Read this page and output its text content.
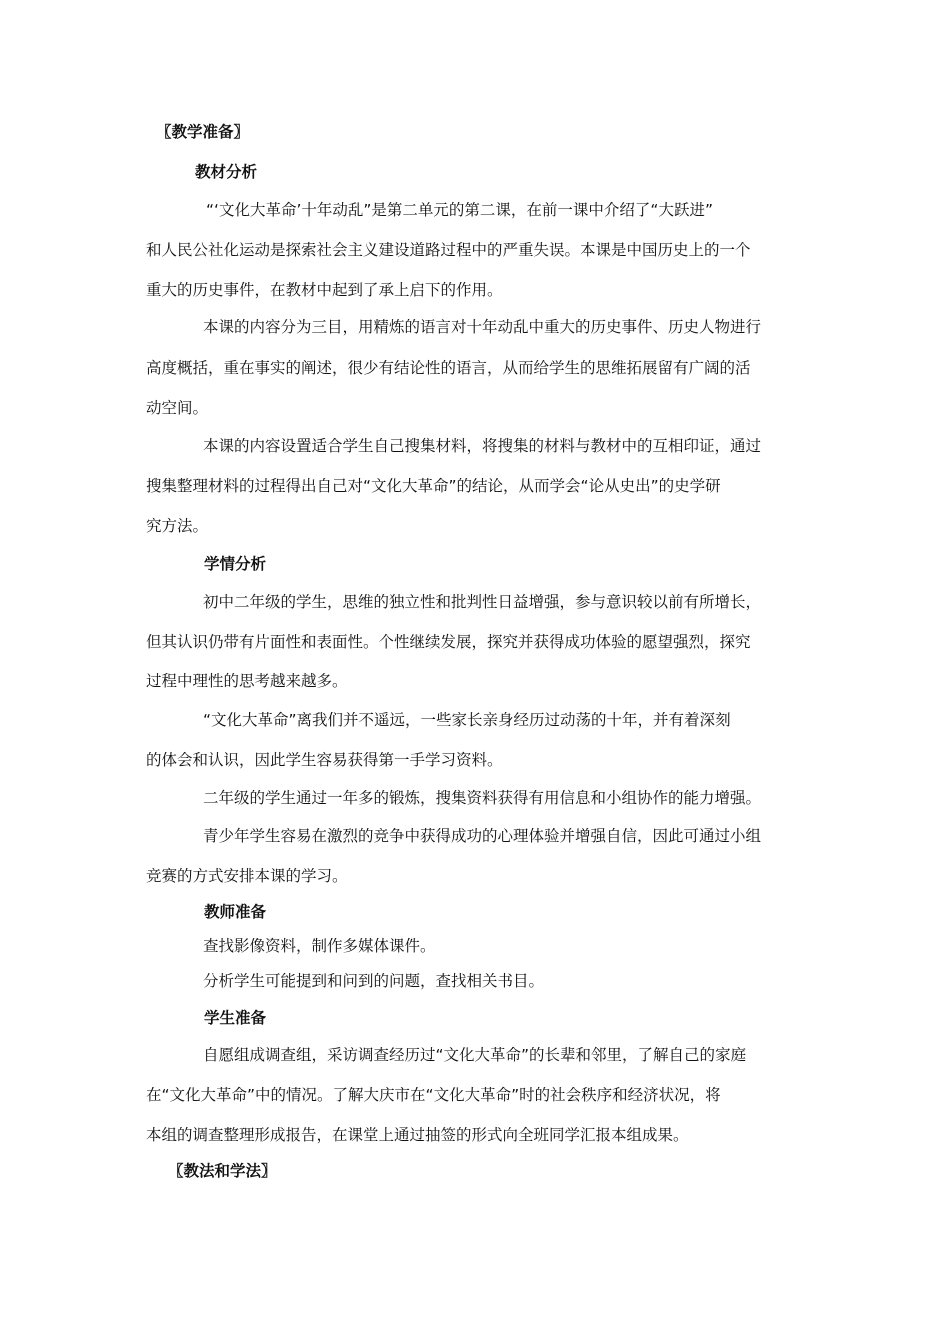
〖教学准备〗
教材分析
“‘文化大革命’十年动乱”是第二单元的第二课，在前一课中介绍了“大跃进”
和人民公社化运动是探索社会主义建设道路过程中的严重失误。本课是中国历史上的一个
重大的历史事件，在教材中起到了承上启下的作用。
本课的内容分为三目，用精炼的语言对十年动乱中重大的历史事件、历史人物进行
高度概括，重在事实的阐述，很少有结论性的语言，从而给学生的思维拓展留有广阔的活
动空间。
本课的内容设置适合学生自己搜集材料，将搜集的材料与教材中的互相印证，通过
搜集整理材料的过程得出自己对“文化大革命”的结论，从而学会“论从史出”的史学研
究方法。
学情分析
初中二年级的学生，思维的独立性和批判性日益增强，参与意识较以前有所增长，
但其认识仍带有片面性和表面性。个性继续发展，探究并获得成功体验的愿望强烈，探究
过程中理性的思考越来越多。
“文化大革命”离我们并不遥远，一些家长亲身经历过动荡的十年，并有着深刻
的体会和认识，因此学生容易获得第一手学习资料。
二年级的学生通过一年多的锻炼，搜集资料获得有用信息和小组协作的能力增强。
青少年学生容易在激烈的竞争中获得成功的心理体验并增强自信，因此可通过小组
竞赛的方式安排本课的学习。
教师准备
查找影像资料，制作多媒体课件。
分析学生可能提到和问到的问题，查找相关书目。
学生准备
自愿组成调查组，采访调查经历过“文化大革命”的长辈和邻里，了解自己的家庭
在“文化大革命”中的情况。了解大庆市在“文化大革命”时的社会秩序和经济状况，将
本组的调查整理形成报告，在课堂上通过抽签的形式向全班同学汇报本组成果。
〖教法和学法〗
